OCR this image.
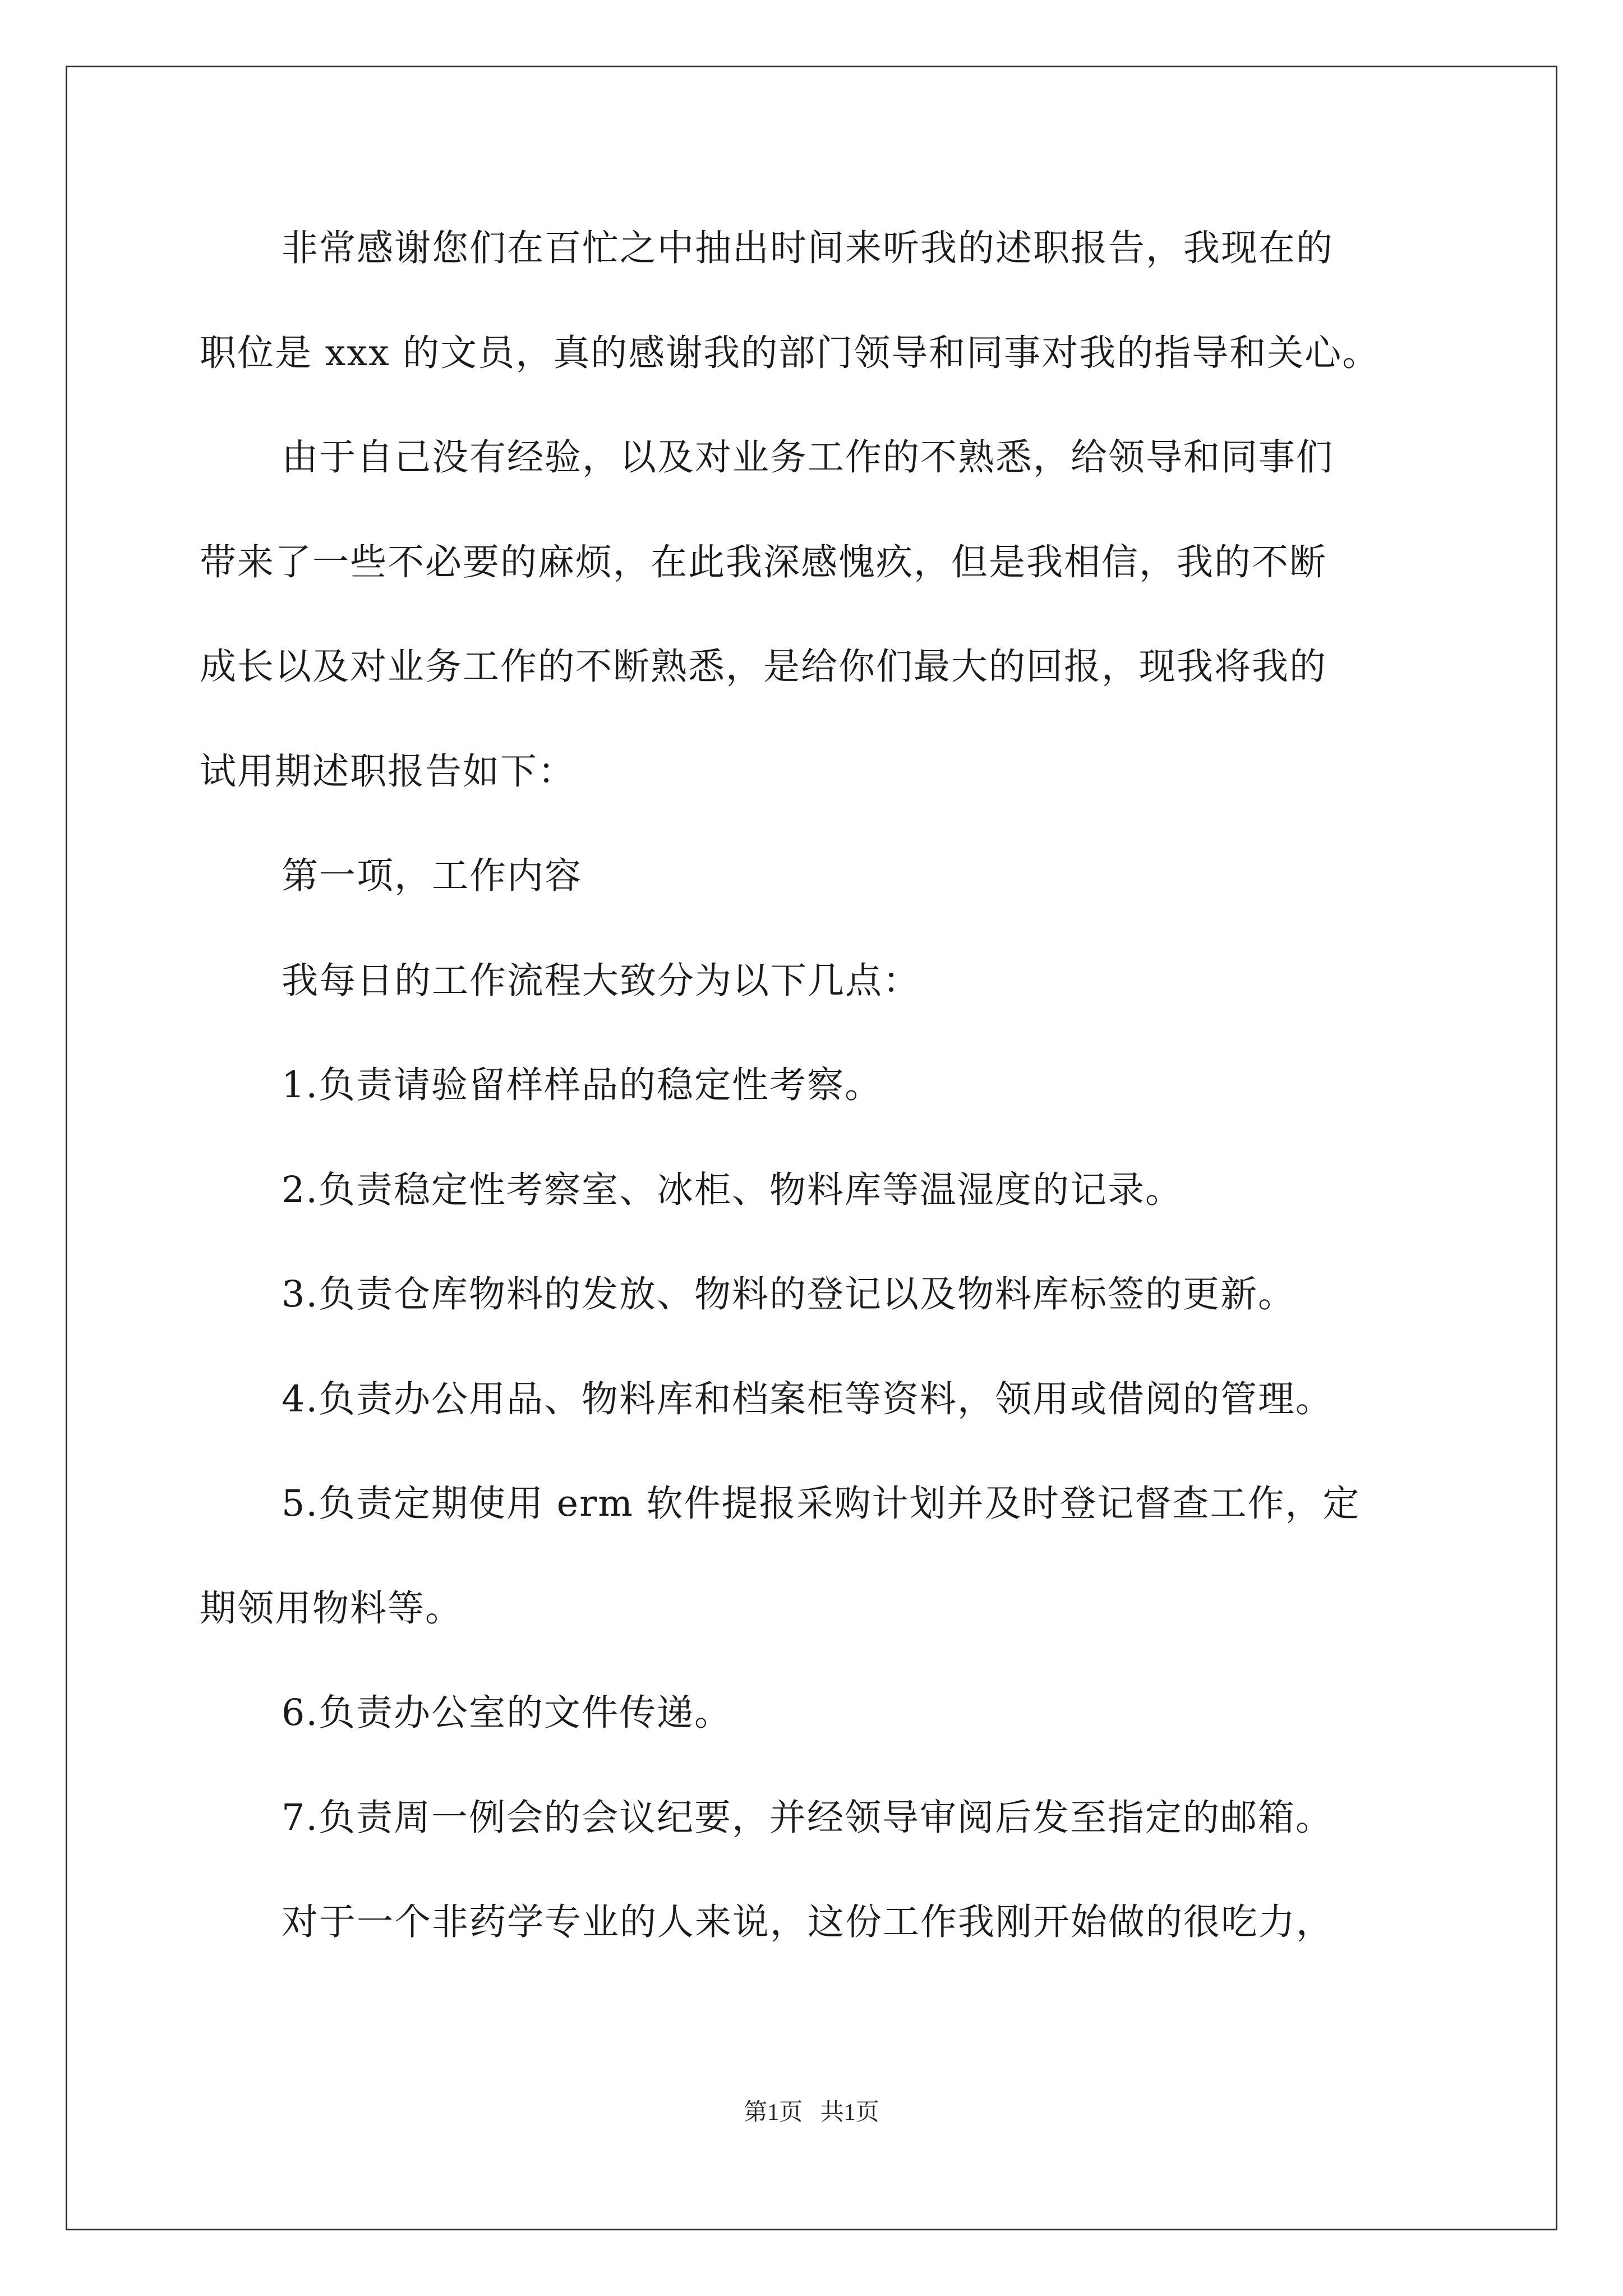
非常感谢您们在百忙之中抽出时间来听我的述职报告，我现在的
职位是 xxx 的文员，真的感谢我的部门领导和同事对我的指导和关心。
由于自己没有经验，以及对业务工作的不熟悉，给领导和同事们
带来了一些不必要的麻烦，在此我深感愧疚，但是我相信，我的不断
成长以及对业务工作的不断熟悉，是给你们最大的回报，现我将我的
试用期述职报告如下：
第一项，工作内容
我每日的工作流程大致分为以下几点：
1.负责请验留样样品的稳定性考察。
2.负责稳定性考察室、冰柜、物料库等温湿度的记录。
3.负责仓库物料的发放、物料的登记以及物料库标签的更新。
4.负责办公用品、物料库和档案柜等资料，领用或借阅的管理。
5.负责定期使用 erm 软件提报采购计划并及时登记督查工作，定
期领用物料等。
6.负责办公室的文件传递。
7.负责周一例会的会议纪要，并经领导审阅后发至指定的邮箱。
对于一个非药学专业的人来说，这份工作我刚开始做的很吃力，
第1页   共1页
